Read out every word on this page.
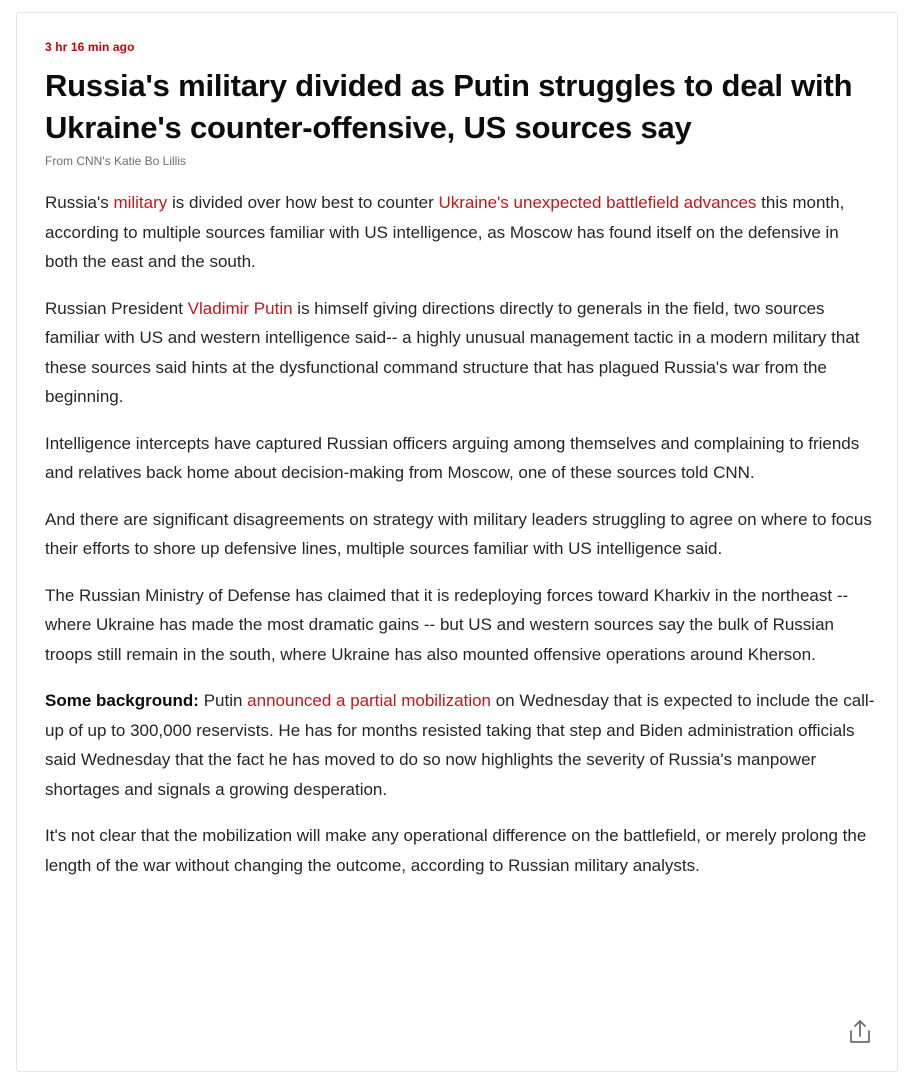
3 hr 16 min ago
Russia's military divided as Putin struggles to deal with Ukraine's counter-offensive, US sources say
From CNN's Katie Bo Lillis

Russia's military is divided over how best to counter Ukraine's unexpected battlefield advances this month, according to multiple sources familiar with US intelligence, as Moscow has found itself on the defensive in both the east and the south.

Russian President Vladimir Putin is himself giving directions directly to generals in the field, two sources familiar with US and western intelligence said-- a highly unusual management tactic in a modern military that these sources said hints at the dysfunctional command structure that has plagued Russia's war from the beginning.

Intelligence intercepts have captured Russian officers arguing among themselves and complaining to friends and relatives back home about decision-making from Moscow, one of these sources told CNN.

And there are significant disagreements on strategy with military leaders struggling to agree on where to focus their efforts to shore up defensive lines, multiple sources familiar with US intelligence said.

The Russian Ministry of Defense has claimed that it is redeploying forces toward Kharkiv in the northeast -- where Ukraine has made the most dramatic gains -- but US and western sources say the bulk of Russian troops still remain in the south, where Ukraine has also mounted offensive operations around Kherson.

Some background: Putin announced a partial mobilization on Wednesday that is expected to include the call-up of up to 300,000 reservists. He has for months resisted taking that step and Biden administration officials said Wednesday that the fact he has moved to do so now highlights the severity of Russia's manpower shortages and signals a growing desperation.

It's not clear that the mobilization will make any operational difference on the battlefield, or merely prolong the length of the war without changing the outcome, according to Russian military analysts.
